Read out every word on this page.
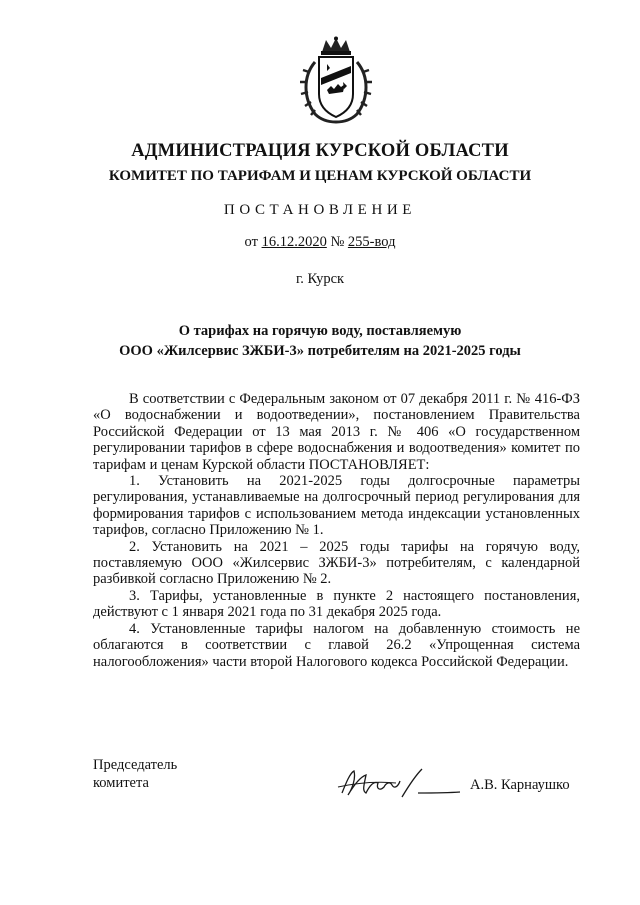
АДМИНИСТРАЦИЯ КУРСКОЙ ОБЛАСТИ
КОМИТЕТ ПО ТАРИФАМ И ЦЕНАМ КУРСКОЙ ОБЛАСТИ
ПОСТАНОВЛЕНИЕ
от 16.12.2020 № 255-вод
г. Курск
О тарифах на горячую воду, поставляемую
ООО «Жилсервис ЗЖБИ-3» потребителям на 2021-2025 годы

В соответствии с Федеральным законом от 07 декабря 2011 г. № 416-ФЗ «О водоснабжении и водоотведении», постановлением Правительства Российской Федерации от 13 мая 2013 г. № 406 «О государственном регулировании тарифов в сфере водоснабжения и водоотведения» комитет по тарифам и ценам Курской области ПОСТАНОВЛЯЕТ:

1. Установить на 2021-2025 годы долгосрочные параметры регулирования, устанавливаемые на долгосрочный период регулирования для формирования тарифов с использованием метода индексации установленных тарифов, согласно Приложению № 1.

2. Установить на 2021 – 2025 годы тарифы на горячую воду, поставляемую ООО «Жилсервис ЗЖБИ-3» потребителям, с календарной разбивкой согласно Приложению № 2.

3. Тарифы, установленные в пункте 2 настоящего постановления, действуют с 1 января 2021 года по 31 декабря 2025 года.

4. Установленные тарифы налогом на добавленную стоимость не облагаются в соответствии с главой 26.2 «Упрощенная система налогообложения» части второй Налогового кодекса Российской Федерации.

Председатель
комитета	А.В. Карнаушко
